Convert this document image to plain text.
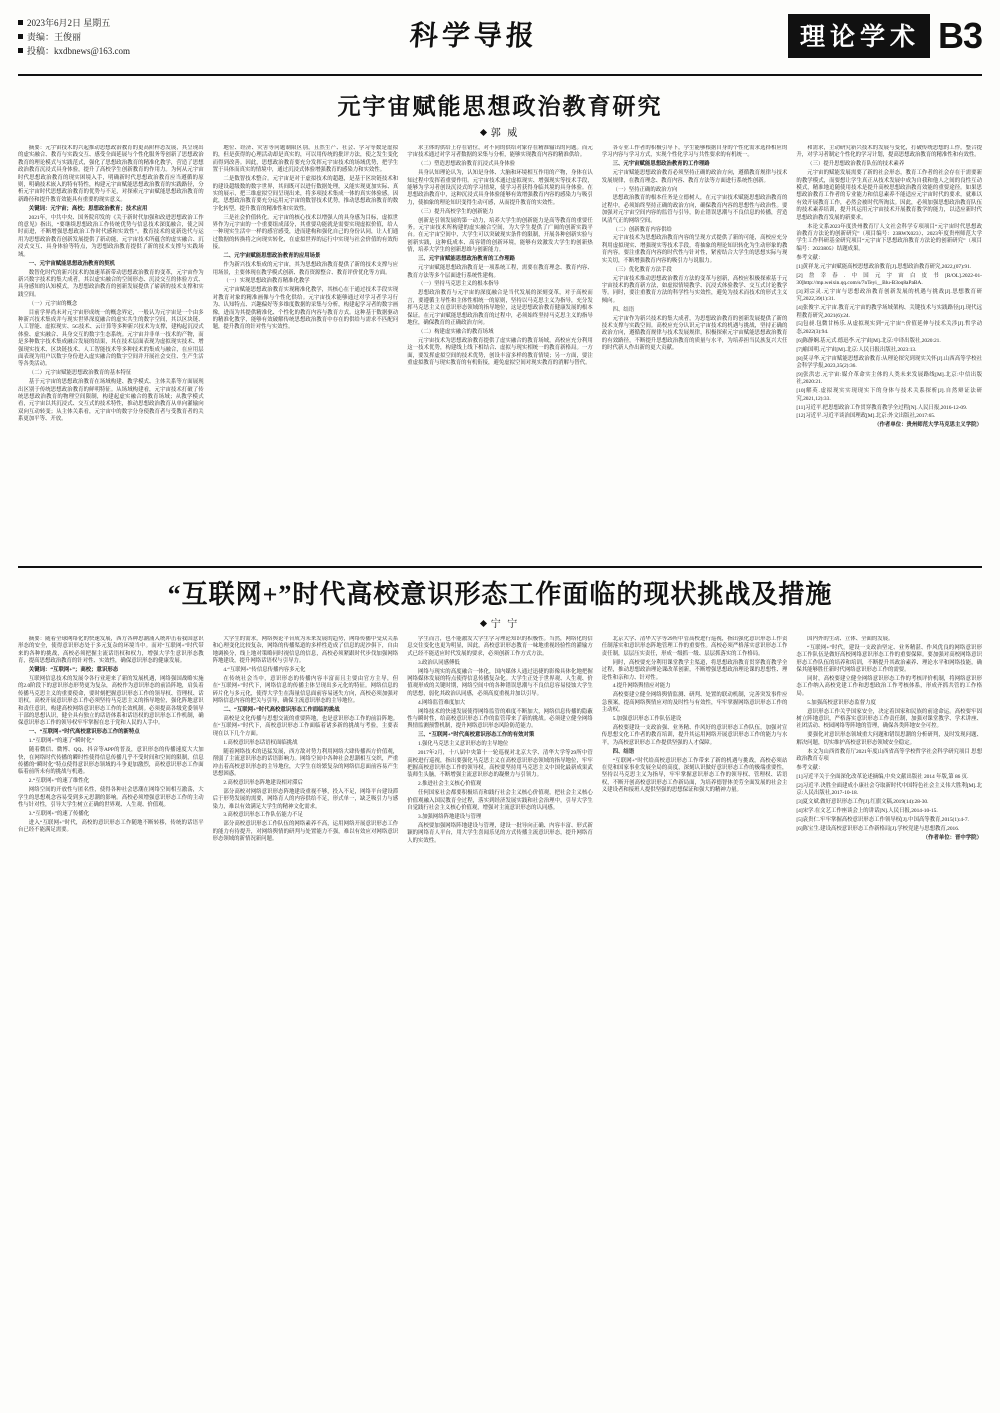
2023年6月2日 星期五
责编：王俊丽
投稿：kxdbnews@163.com	科学导报	理论学术 B3
元宇宙赋能思想政治教育研究
郭 威

摘要：元宇宙技术的兴起推动思想政治教育的更高阶样态发展，其呈现出的虚实融合、教育与实践交互、感受全面延展与个性化服务等创新了思想政治教育的理论模式与实践范式，强化了思想政治教育的精准化教学，营造了思想政治教育沉浸式具身体验，提升了高校学生创新教育的作用力。为何从元宇宙时代思想政治教育的现实困境入手，明确新时代思想政治教育应当遵循的原则，明确技术嵌入的特有特性，构建元宇宙赋能思想政治教育的实践路径，分析元宇宙时代思想政治教育的优势与不足，对探索元宇宙赋能思想政治教育的新路径和提升教育效能具有重要的现实意义。

关键词：元宇宙；高校；思想政治教育；技术应用

2021年，中共中央、国务院印发的《关于新时代加强和改进思想政治工作的意见》指出，“要继续思想政治工作传统优势与信息技术深度融合，使之因时而进，不断增强思想政治工作时代感和实效性”。教育技术的更新迭代与运用为思想政治教育创新发展提供了新动能，元宇宙技术所蕴含的虚实融合、沉浸式交互、具身体验等特点，为思想政治教育提供了新的技术支撑与实践场域。

一、元宇宙赋能思想政治教育的契机

数智化时代的新兴技术的加速革新带动思想政治教育的变革，元宇宙作为新兴数字技术的集大成者，其以虚实融合的空间形态、沉浸交互的体验方式、具身感知的认知模式，为思想政治教育的创新发展提供了崭新的技术支撑和实践空间。

（一）元宇宙的概念

目前学界尚未对元宇宙形成统一的概念界定，一般认为元宇宙是一个由多种新兴技术集成并与现实世界深度融合的虚实共生的数字空间，其以区块链、人工智能、虚拟现实、5G技术、云计算等多种新兴技术为支撑，建构起沉浸式体验、虚实融合、具身交互的数字生态系统。元宇宙并非单一技术的产物，而是多种数字技术集成融合发展的结果，其在技术层面表现为虚拟现实技术、增强现实技术、区块链技术、人工智能技术等多种技术的集成与融合，在应用层面表现为用户以数字身份进入虚实融合的数字空间并开展社会交往、生产生活等各类活动。

（二）元宇宙赋能思想政治教育的基本特征

基于元宇宙的思想政治教育在场域构建、教学模式、主体关系等方面展现出区别于传统思想政治教育的鲜明特征。从场域构建看，元宇宙技术打破了传统思想政治教育的物理空间限制，构建起虚实融合的教育场域；从教学模式看，元宇宙以其沉浸式、交互式的技术特性，推动思想政治教育从单向灌输向双向互动转变；从主体关系看，元宇宙中的数字分身使教育者与受教育者的关系更加平等、开放。

地位、经济、灾害等问题制限区别，且然生产、社会、学习等数是虚拟的，但是获得的心理活动却是真实的，可以用传统的批评方法，使之发生变化而得到改善。因此，思想政治教育要充分发挥元宇宙技术的场域优势，把学生置于具体而真实的情境中，通过沉浸式体验增强教育的感染力和实效性。

二是数智技术整合。元宇宙是对于虚拟技术的超越，是基于区块链技术和的建设超级数的数字世界，其间既可以进行数据处理，又能实现更加实际、真实的展示，把三维虚拟空间呈现出来，将多项技术集成一体的真实体验感。因此，思想政治教育要充分运用元宇宙的数智技术优势，推动思想政治教育的数字化转型，提升教育的精准性和实效性。

三是社会价值转化。元宇宙的核心技术以增强人的具身感为目标，虚拟世界作为元宇宙的一个重要组成部分，其重要功能就是需要实现虚拟价值，给人一种现实生活中一样的感官感受，进而建构和强化自己的身份认同，让人们通过数据的转换将之向现实转化，在虚拟世界的运行中实现与社会价值的有效衔接。

二、元宇宙赋能思想政治教育的应用场景

作为新兴技术集成的元宇宙，其为思想政治教育提供了新的技术支撑与应用场景，主要体现在教学模式创新、教育资源整合、教育评价优化等方面。

（一）实现思想政治教育精准化教学

元宇宙赋能思想政治教育实现精准化教学，其核心在于通过技术手段实现对教育对象的精准画像与个性化供给。元宇宙技术能够通过对学习者学习行为、认知特点、兴趣偏好等多维度数据的采集与分析，构建起学习者的数字画像，进而为其提供精准化、个性化的教育内容与教育方式。这种基于数据驱动的精准化教学，能够有效破解传统思想政治教育中存在的供给与需求不匹配问题，提升教育的针对性与实效性。

求主体的供给上存在错位，对不同的供给对象存在精准输出的问题。而元宇宙技术通过对学习者数据的采集与分析，能够实现教育内容的精准供给。

（二）塑造思想政治教育沉浸式具身体验

具身认知理论认为，认知是身体、大脑和环境相互作用的产物，身体在认知过程中发挥着重要作用。元宇宙技术通过虚拟现实、增强现实等技术手段，能够为学习者创设沉浸式的学习情境，使学习者获得身临其境的具身体验。在思想政治教育中，这种沉浸式具身体验能够有效增强教育内容的感染力与吸引力，使抽象的理论知识变得生动可感，从而提升教育的实效性。

（三）提升高校学生的创新能力

创新是引领发展的第一动力，培养大学生的创新能力是高等教育的重要任务。元宇宙技术所构建的虚实融合空间，为大学生提供了广阔的创新实践平台。在元宇宙空间中，大学生可以突破现实条件的限制，开展各种创新实验与创新实践，这种低成本、高容错的创新环境，能够有效激发大学生的创新热情，培养大学生的创新思维与创新能力。

三、元宇宙赋能思想政治教育的工作理路

元宇宙赋能思想政治教育是一项系统工程，需要在教育理念、教育内容、教育方法等多个层面进行系统性建构。

（一）坚持马克思主义的根本指导

思想政治教育与元宇宙的深度融合是当代发展的深刻变革，对于高校而言，要遵循主导性和主体性相统一的原则，坚持以马克思主义为指导，充分发挥马克思主义在意识形态领域的指导地位，这是思想政治教育健康发展的根本保证。在元宇宙赋能思想政治教育的过程中，必须始终坚持马克思主义的指导地位，确保教育的正确政治方向。

（二）构建虚实融合的教育场域

元宇宙技术为思想政治教育提供了虚实融合的教育场域，高校应充分利用这一技术优势，构建线上线下相结合、虚拟与现实相统一的教育新格局。一方面，要发挥虚拟空间的技术优势，创设丰富多样的教育情境；另一方面，要注重虚拟教育与现实教育的有机衔接，避免虚拟空间对现实教育的消解与替代。

各专业工作者的积极引导下，学生能够根据自身的个性化需求选择相应的学习内容与学习方式，实现个性化学习与共性要求的有机统一。

三、元宇宙赋能思想政治教育的工作理路

元宇宙赋能思想政治教育必须坚持正确的政治方向，遵循教育规律与技术发展规律，在教育理念、教育内容、教育方法等方面进行系统性创新。

（一）坚持正确的政治方向

思想政治教育的根本任务是立德树人，在元宇宙技术赋能思想政治教育的过程中，必须始终坚持正确的政治方向，确保教育内容的思想性与政治性。要加强对元宇宙空间内容的监管与引导，防止错误思潮与不良信息的传播，营造风清气正的网络空间。

（二）创新教育内容供给

元宇宙技术为思想政治教育内容的呈现方式提供了新的可能，高校应充分利用虚拟现实、增强现实等技术手段，将抽象的理论知识转化为生动形象的教育内容。要注重教育内容的时代性与针对性，紧密结合大学生的思想实际与现实关切，不断增强教育内容的吸引力与说服力。

（三）优化教育方法手段

元宇宙技术推动思想政治教育方法的变革与创新，高校应积极探索基于元宇宙技术的教育新方法，如虚拟情境教学、沉浸式体验教学、交互式讨论教学等。同时，要注重教育方法的科学性与实效性，避免为技术而技术的形式主义倾向。

四、结语

元宇宙作为新兴技术的集大成者，为思想政治教育的创新发展提供了新的技术支撑与实践空间。高校应充分认识元宇宙技术的机遇与挑战，坚持正确的政治方向，遵循教育规律与技术发展规律，积极探索元宇宙赋能思想政治教育的有效路径，不断提升思想政治教育的质量与水平，为培养担当民族复兴大任的时代新人作出新的更大贡献。

和需求，主动研究新兴技术的发展与变化，打破传统思想的工作，整合提升，对学习者制定个性化的学习计划，提高思想政治教育的精准性和有效性。

（三）提升思想政治教育队伍的技术素养

元宇宙的赋能发展需要了新的社会形态，教育工作者的社会存在于需要新的教学模式，而要想让学生真正从技术发展中成为自我和他人之间的良性互动模式，精准地追随使用技术是提升高校思想政治教育效能的重要途径。如果思想政治教育工作者的专业能力和信息素养不能适应元宇宙时代的要求，就难以有效开展教育工作，必然会被时代所淘汰。因此，必须加强思想政治教育队伍的技术素养培训，提升其运用元宇宙技术开展教育教学的能力，以适应新时代思想政治教育发展的新要求。

本论文系2023年度贵州教育厅人文社会科学专项项目“元宇宙时代思想政治教育方法论的创新研究”（项目编号：23RWX023）、2023年度贵州师范大学学生工作科研基金研究项目“元宇宙下思想政治教育方法论的创新研究”（项目编号：2023805）结题成果。

参考文献：

[1]黄祥龙.元宇宙赋能高校思想政治教育[J].思想政治教育研究,2022,(07):91.

[2]詹幸春.中国元宇宙白皮书[R/OL].2022-01-30]http://mp.weixin.qq.com/s/7nTeyi__Blu-B3oq8aPaBA.

[3]刘宗灵.元宇宙与思想政治教育创新发展的机遇与挑战[J].思想教育研究,2022,39(1):31.

[4]张俊宇.元宇宙.教育元宇宙的教学场域架构、关键技术与实践路径[J].现代远程教育研究,2021(6):24.

[5]包昶.包微甘杨乐.从虚拟现实到“元宇宙”:价值延伸与技术关涉[J].哲学动态,2022(3):94.

[6]陈静娴.基元式.德迅李.元宇宙[M].北京:中译出版社,2020:21.

[7]喻国明.元宇宙[M].北京:人民日报出版社,2023:13.

[8]莫寻华.元宇宙赋能思想政治教育:从理论探究到现实关怀[J].山西高等学校社会科学学报,2023,35(2):36.

[9]张洪忠.元宇宙:媒介革命实主体的人类未来发展路线[M].北京:中信出版社,2020:21.

[10]解英.虚拟现实实现现实下的身体与技术关系探析[J].自然辩证法研究,2021,12):33.

[11]习近平.把思想政治工作贯穿教育教学全过程[N].人民日报,2016-12-09.

[12]习近平.习近平谈治国理政[M].北京:外文出版社,2017:65.

（作者单位：贵州师范大学马克思主义学院）

“互联网+”时代高校意识形态工作面临的现状挑战及措施
宁 宁

摘要：随着全球网络化的快速发展，西方各种思潮涌入统冲击着我国意识形态的安全，使得意识形态处于多元复杂的环境当中。而对“互联网+”时代带来的各种的挑战，高校必须把握主流话语权和权力，增强大学生意识形态教育，提高思想政治教育的针对性、实效性，确保意识形态的健康发展。

关键词：“互联网+”；高校；意识形态

互联网信息技术的发展令各行业迎来了新的发展机遇，网络强国战略实施的2.0阶段下的意识形态形势更为复杂，高校作为意识形态的前沿阵地，肩负着传播马克思主义的重要使命，要时刻把握意识形态工作的领导权、管理权、话语权。高校开展意识形态工作必须坚持马克思主义的指导地位，强化阵地意识和责任意识，构建高校网络意识形态工作的长效机制。必须提高各级党委领导干部的思想认识，健全具有独立的话语体系和话语权的意识形态工作机制，确保意识形态工作的领导权牢牢掌握在忠于党和人民的人手中。

一、“互联网+”时代高校意识形态工作的新特点

1.“互联网+”的速了“瞬时化”

随着微信、微博、QQ、抖音等APP的普及，意识形态的传播速度大大加快，在网络时代传播的瞬时性使得信息传播几乎不受时间和空间的限制，信息传播的“瞬时化”特点使得意识形态领域的斗争更加激烈，高校意识形态工作面临着前所未有的挑战与机遇。

2.“互联网+”的速了维性化

网络空间的开放性与匿名性，使得各种社会思潮在网络空间相互激荡，大学生的思想观念容易受到多元思潮的影响。高校必须增强意识形态工作的主动性与针对性，引导大学生树立正确的世界观、人生观、价值观。

3.“互联网+”的速了传播化

进入“互联网+”时代，高校的意识形态工作随地不断转移，传统的话语平台已经不能满足需要。

大学生的需求，网络舆论平台成为未来发展的趋势，网络传播中受众关系和心理变化比较复杂，网络的传播渠道的多样性造成了信息的泥沙俱下，自由地调换分，线上地对策略同时视信息的信息，高校必须紧跟时代步伐加强网络阵地建设，提升网络话语权与引导力。

4.“互联网+”传信息传播内容多元化

在传统社会当中，意识形态的传播内容丰富而且主要由官方主导，但在“互联网+”时代下，网络信息的传播主体呈现出多元化的特征。网络信息的碎片化与多元化，使得大学生在海量信息面前容易迷失方向，高校必须加强对网络信息内容的把关与引导，确保主流意识形态的主导地位。

二、“互联网+”时代高校意识形态工作面临的挑战

高校是文化传播与思想交流的重要阵地，也是意识形态工作的前沿阵地。在“互联网+”时代下，高校意识形态工作面临着诸多新的挑战与考验，主要表现在以下几个方面。

1.高校意识形态话语权面临挑战

随着网络技术的迅猛发展，西方敌对势力利用网络大肆传播西方价值观，削弱了主流意识形态的话语影响力。网络空间中各种社会思潮相互交织，严重冲击着高校意识形态的主导地位，大学生在纷繁复杂的网络信息面前容易产生思想困惑。

2.高校意识形态阵地建设相对滞后

部分高校对网络意识形态阵地建设重视不够，投入不足，网络平台建设滞后于形势发展的需要，网络育人的内容供给不足，形式单一，缺乏吸引力与感染力，难以有效满足大学生的精神文化需求。

3.高校意识形态工作队伍能力不足

部分高校意识形态工作队伍的网络素养不高，运用网络开展意识形态工作的能力有待提升，对网络舆情的研判与处置能力不强，难以有效应对网络意识形态领域的新情况新问题。

学生而言，也不能激发大学生学习理论知识的积极性。当然，网络化的信息交往变化也更为明显，因此，高校意识形态教育一味地重视经验性的灌输方式已经不能适应时代发展的要求，必须创新工作方式方法。

3.政治认同感傅低

网络与现实的高度融合一体化，国内媒体人通过迅捷的影像具体化地把握网络媒体发展的特点使得信息传播复杂化。大学生正处于世界观、人生观、价值观形成的关键时期，网络空间中的各种错误思潮与不良信息容易侵蚀大学生的思想，弱化其政治认同感，必须高度重视并加以引导。

4.网络监管难度加大

网络技术的快速发展使得网络监管的难度不断加大，网络信息传播的隐蔽性与瞬时性，给高校意识形态工作的监管带来了新的挑战。必须建立健全网络舆情监测预警机制，提升网络意识形态风险防范能力。

三、“互联网+”时代高校意识形态工作的有效对策

1.强化马克思主义意识形态的主导地位

2017年2月，十八届中央第十一轮巡视对北京大学、清华大学等29所中管高校进行巡视，指出要强化马克思主义在高校意识形态领域的指导地位，牢牢把握高校意识形态工作的领导权。高校要坚持用马克思主义中国化最新成果武装师生头脑，不断增强主流意识形态的凝聚力与引领力。

2.推进社会主义核心价值观

任何国家社会都要积极培育和践行社会主义核心价值观，把社会主义核心价值观融入国民教育全过程，落实到经济发展实践和社会治理中，引导大学生自觉践行社会主义核心价值观，增强对主流意识形态的认同感。

3.加强网络阵地建设与管理

高校要加强网络阵地建设与管理，建设一批导向正确、内容丰富、形式新颖的网络育人平台，用大学生喜闻乐见的方式传播主流意识形态，提升网络育人的实效性。

北京大学、清华大学等29所中管高校进行巡视，指出强化意识形态工作责任制落实和意识形态阵地管理工作的重要性。高校必须严格落实意识形态工作责任制，层层压实责任，形成一级抓一级、层层抓落实的工作格局。

同时，高校要充分利用课堂教学主渠道，将思想政治教育贯穿教育教学全过程，推动思想政治理论课改革创新，不断增强思想政治理论课的思想性、理论性和亲和力、针对性。

4.提升网络舆情应对能力

高校要建立健全网络舆情监测、研判、处置的联动机制，完善突发事件应急预案，提高网络舆情应对的及时性与有效性，牢牢掌握网络意识形态工作的主动权。

5.加强意识形态工作队伍建设

高校要建设一支政治强、业务精、作风好的意识形态工作队伍，加强对宣传思想文化工作者的教育培训，提升其运用网络开展意识形态工作的能力与水平，为高校意识形态工作提供坚强的人才保障。

四、结语

“互联网+”时代给高校意识形态工作带来了新的机遇与挑战，高校必须站在党和国家事业发展全局的高度，深刻认识做好意识形态工作的极端重要性，坚持以马克思主义为指导，牢牢掌握意识形态工作的领导权、管理权、话语权，不断开创高校意识形态工作新局面，为培养德智体美劳全面发展的社会主义建设者和接班人提供坚强的思想保证和强大的精神力量。

国内外的生动、立体、全面的发展。

“互联网+”时代，建设一支政治坚定、业务精湛、作风优良的网络意识形态工作队伍是做好高校网络意识形态工作的重要保障。要加强对高校网络意识形态工作队伍的培养和培训，不断提升其政治素养、理论水平和网络技能，确保其能够胜任新时代网络意识形态工作的需要。

同时，高校要建立健全网络意识形态工作的考核评价机制，将网络意识形态工作纳入高校党建工作和思想政治工作考核体系，形成齐抓共管的工作格局。

5.加强高校意识形态监督力度

意识形态工作关乎国家安全，决定着国家和民族的前途命运。高校要牢固树立阵地意识，严格落实意识形态工作责任制，加强对课堂教学、学术讲座、社团活动、校园网络等阵地的管理，确保各类阵地安全可控。

要强化对意识形态领域重大问题和错误思潮的分析研判，及时发现问题、解决问题，切实维护高校意识形态领域安全稳定。

本文为山西省教育厅2021年度山西省高等学校哲学社会科学研究项目 思想政治教育专项

参考文献：

[1]习近平关于全面深化改革论述摘编,中央文献出版社 2014 年版,第 86 页.

[2]习近平.决胜全面建成小康社会夺取新时代中国特色社会主义伟大胜利[M].北京:人民出版社,2017-10-18.

[3]夏文斌.做好意识形态工作[J].红旗文稿,2019(14):28-30.

[4]宋学.在文艺工作座谈会上的讲话[N].人民日报,2014-10-15.

[5]袁贵仁.牢牢掌握高校意识形态工作领导权[J].中国高等教育,2015(1):4-7.

[6]陈宝生.建设高校意识形态工作新格局[J].学校党建与思想教育,2016.

（作者单位：晋中学院）
